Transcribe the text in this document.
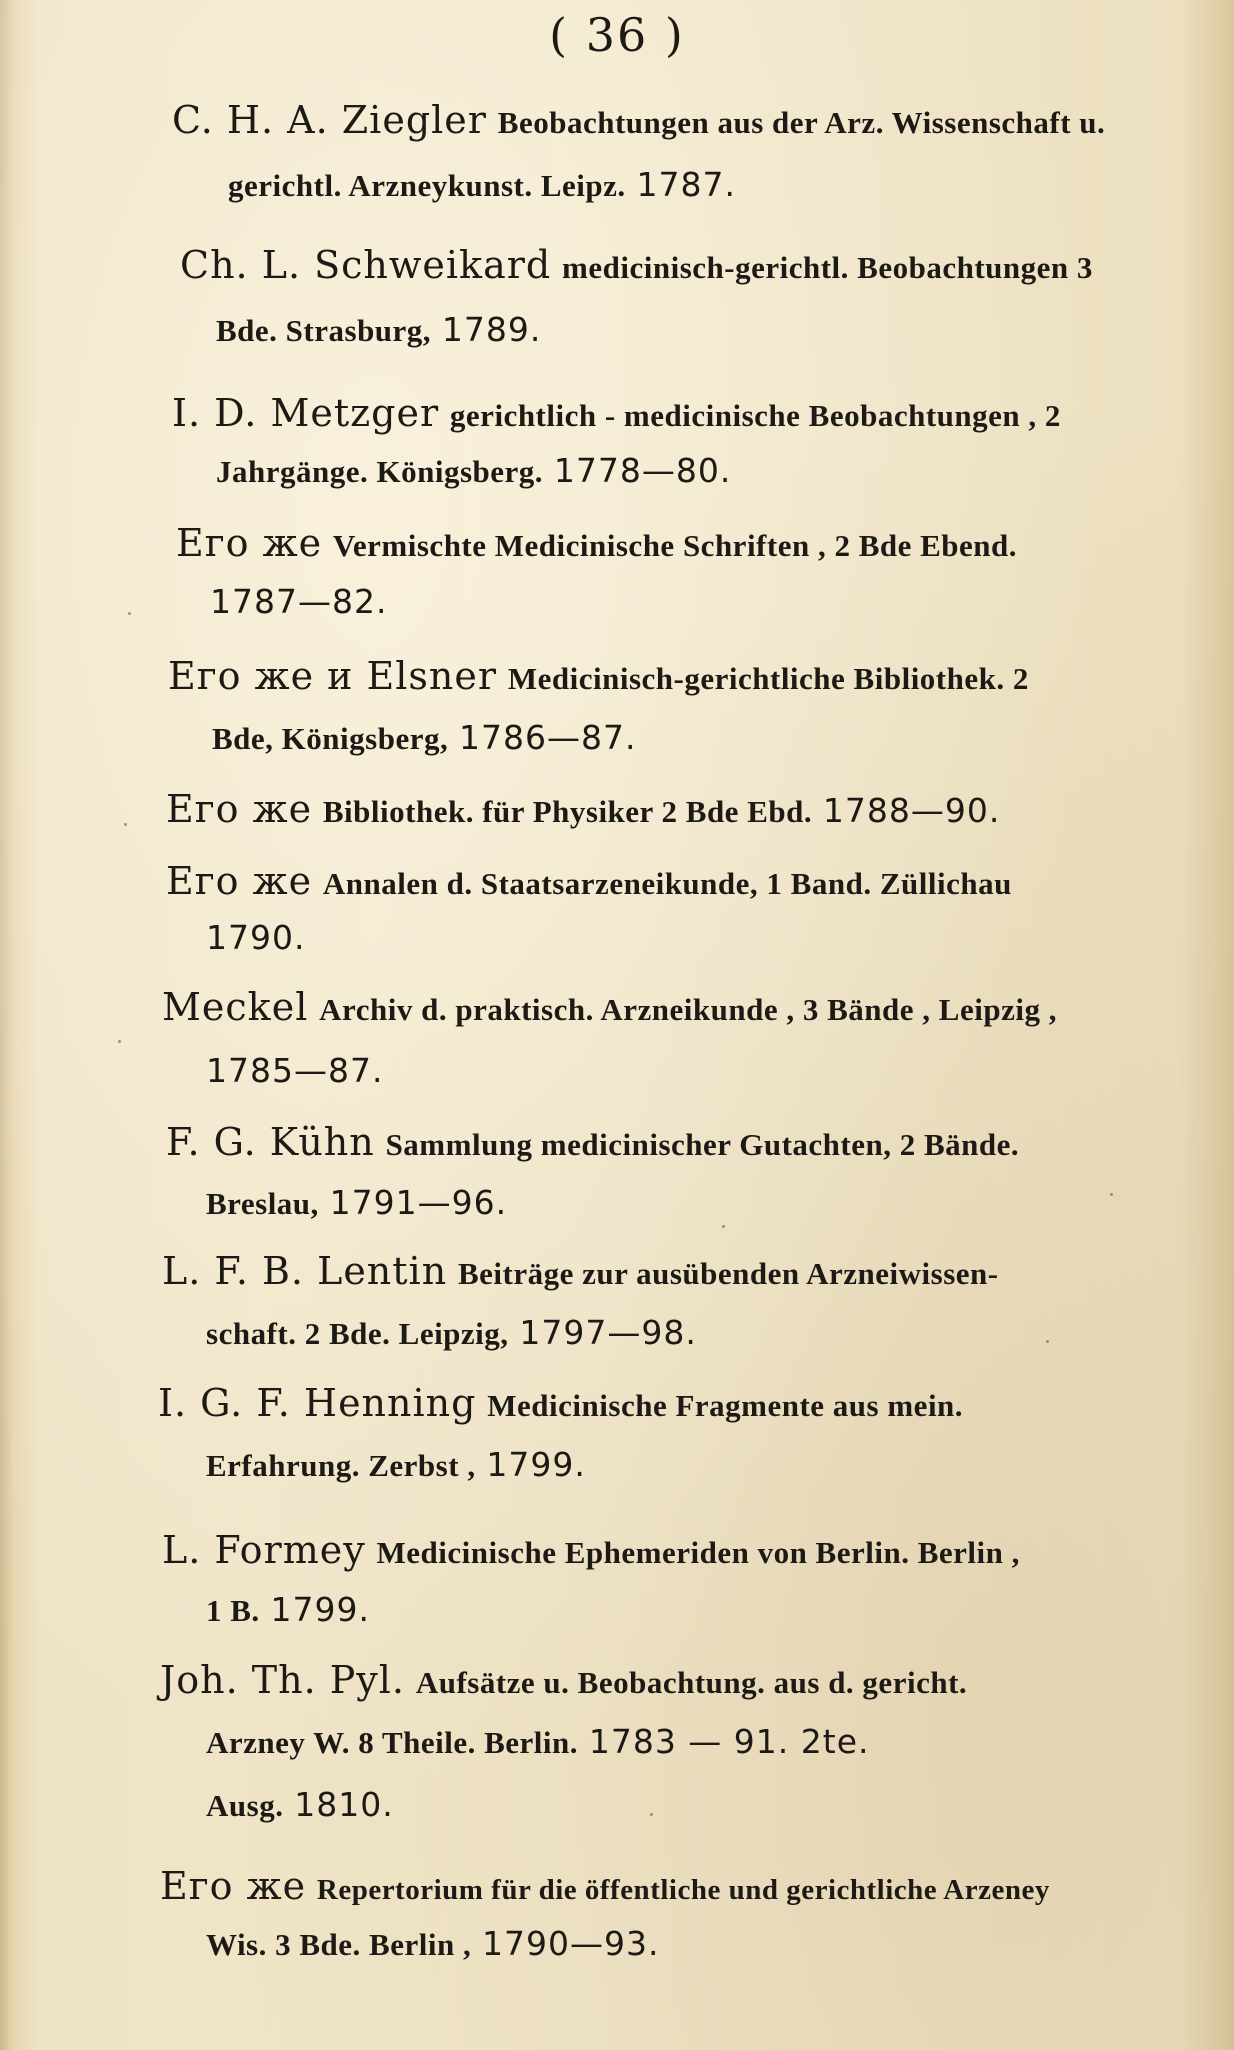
( 36 )
C. H. A. Ziegler Beobachtungen aus der Arz. Wissenschaft u.
gerichtl. Arzneykunst. Leipz. 1787.
Ch. L. Schweikard medicinisch-gerichtl. Beobachtungen 3
Bde. Strasburg, 1789.
I. D. Metzger gerichtlich - medicinische Beobachtungen , 2
Jahrgänge. Königsberg. 1778—80.
Его же Vermischte Medicinische Schriften , 2 Bde Ebend.
1787—82.
Его же и Elsner Medicinisch-gerichtliche Bibliothek. 2
Bde, Königsberg, 1786—87.
Его же Bibliothek. für Physiker 2 Bde Ebd. 1788—90.
Его же Annalen d. Staatsarzeneikunde, 1 Band. Züllichau
1790.
Meckel Archiv d. praktisch. Arzneikunde , 3 Bände , Leipzig ,
1785—87.
F. G. Kühn Sammlung medicinischer Gutachten, 2 Bände.
Breslau, 1791—96.
L. F. B. Lentin Beiträge zur ausübenden Arzneiwissen-
schaft. 2 Bde. Leipzig, 1797—98.
I. G. F. Henning Medicinische Fragmente aus mein.
Erfahrung. Zerbst , 1799.
L. Formey Medicinische Ephemeriden von Berlin. Berlin ,
1 B. 1799.
Joh. Th. Pyl. Aufsätze u. Beobachtung. aus d. gericht.
Arzney W. 8 Theile. Berlin. 1783 — 91. 2te.
Ausg. 1810.
Его же Repertorium für die öffentliche und gerichtliche Arzeney
Wis. 3 Bde. Berlin , 1790—93.
